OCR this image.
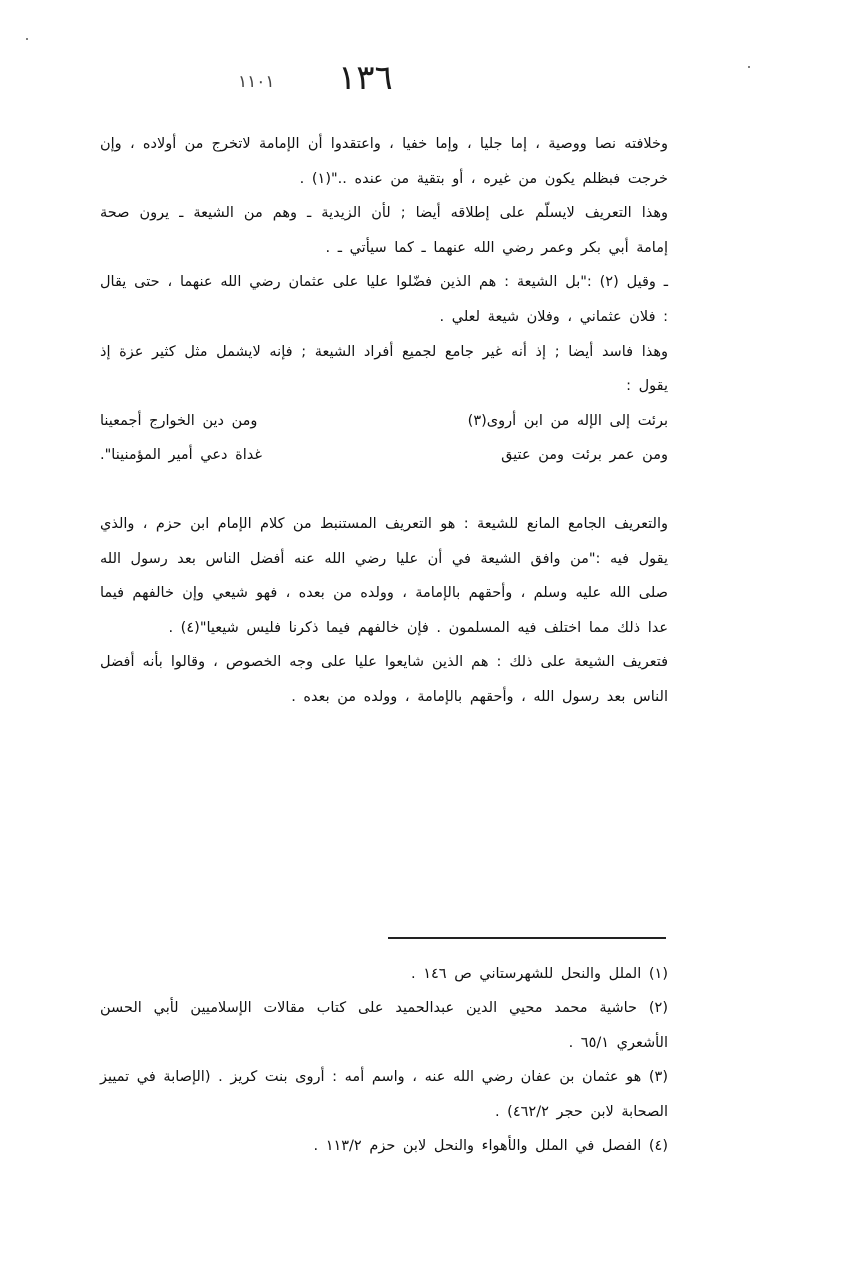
١١٠١ ١٣٦

وخلافته نصا ووصية ، إما جليا ، وإما خفيا ، واعتقدوا أن الإمامة لاتخرج من أولاده ، وإن خرجت فبظلم يكون من غيره ، أو بتقية من عنده .."(١) .

وهذا التعريف لايسلّم على إطلاقه أيضا ; لأن الزيدية ـ وهم من الشيعة ـ يرون صحة إمامة أبي بكر وعمر رضي الله عنهما ـ كما سيأتي ـ .

ـ وقيل (٢) :"بل الشيعة : هم الذين فضّلوا عليا على عثمان رضي الله عنهما ، حتى يقال : فلان عثماني ، وفلان شيعة لعلي .

وهذا فاسد أيضا ; إذ أنه غير جامع لجميع أفراد الشيعة ; فإنه لايشمل مثل كثير عزة إذ يقول :

برئت إلى الإله من ابن أروى(٣)
ومن دين الخوارج أجمعينا
ومن عمر برئت ومن عتيق
غداة دعي أمير المؤمنينا".

والتعريف الجامع المانع للشيعة : هو التعريف المستنبط من كلام الإمام ابن حزم ، والذي يقول فيه :"من وافق الشيعة في أن عليا رضي الله عنه أفضل الناس بعد رسول الله صلى الله عليه وسلم ، وأحقهم بالإمامة ، وولده من بعده ، فهو شيعي وإن خالفهم فيما عدا ذلك مما اختلف فيه المسلمون . فإن خالفهم فيما ذكرنا فليس شيعيا"(٤) .

فتعريف الشيعة على ذلك : هم الذين شايعوا عليا على وجه الخصوص ، وقالوا بأنه أفضل الناس بعد رسول الله ، وأحقهم بالإمامة ، وولده من بعده .

(١) الملل والنحل للشهرستاني ص ١٤٦ .

(٢) حاشية محمد محيي الدين عبدالحميد على كتاب مقالات الإسلاميين لأبي الحسن الأشعري ٦٥/١ .

(٣) هو عثمان بن عفان رضي الله عنه ، واسم أمه : أروى بنت كريز . (الإصابة في تمييز الصحابة لابن حجر ٤٦٢/٢) .

(٤) الفصل في الملل والأهواء والنحل لابن حزم ١١٣/٢ .
